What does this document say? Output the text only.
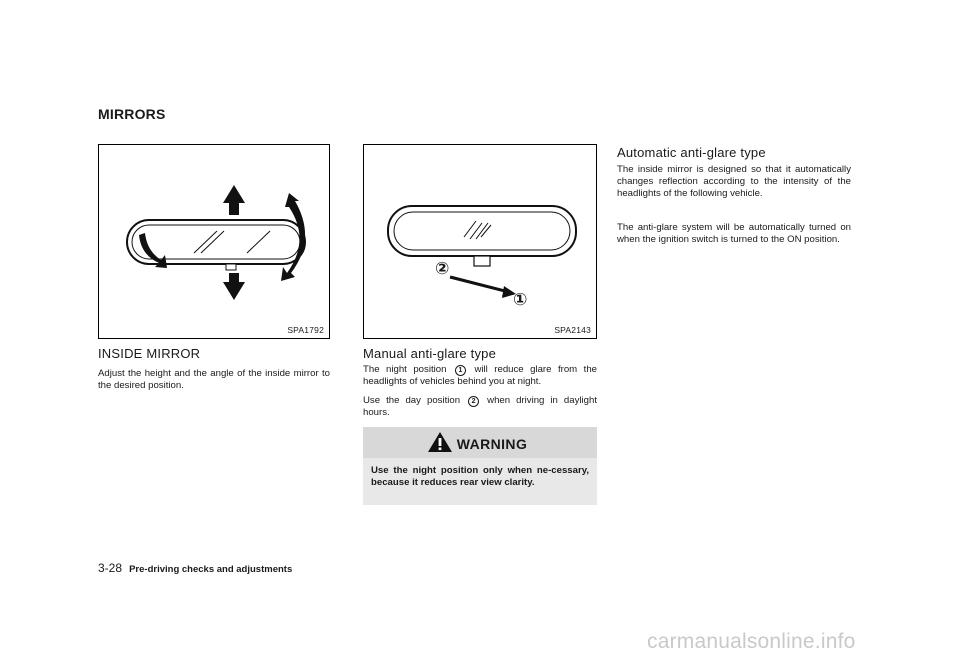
MIRRORS
SPA1792
②
①
SPA2143
INSIDE MIRROR

Adjust the height and the angle of the inside mirror to the desired position.

Manual anti-glare type

The night position 1 will reduce glare from the headlights of vehicles behind you at night.

Use the day position 2 when driving in daylight hours.

WARNING

Use the night position only when ne-cessary, because it reduces rear view clarity.

Automatic anti-glare type

The inside mirror is designed so that it automatically changes reflection according to the intensity of the headlights of the following vehicle.

The anti-glare system will be automatically turned on when the ignition switch is turned to the ON position.

3-28 Pre-driving checks and adjustments
carmanualsonline.info
